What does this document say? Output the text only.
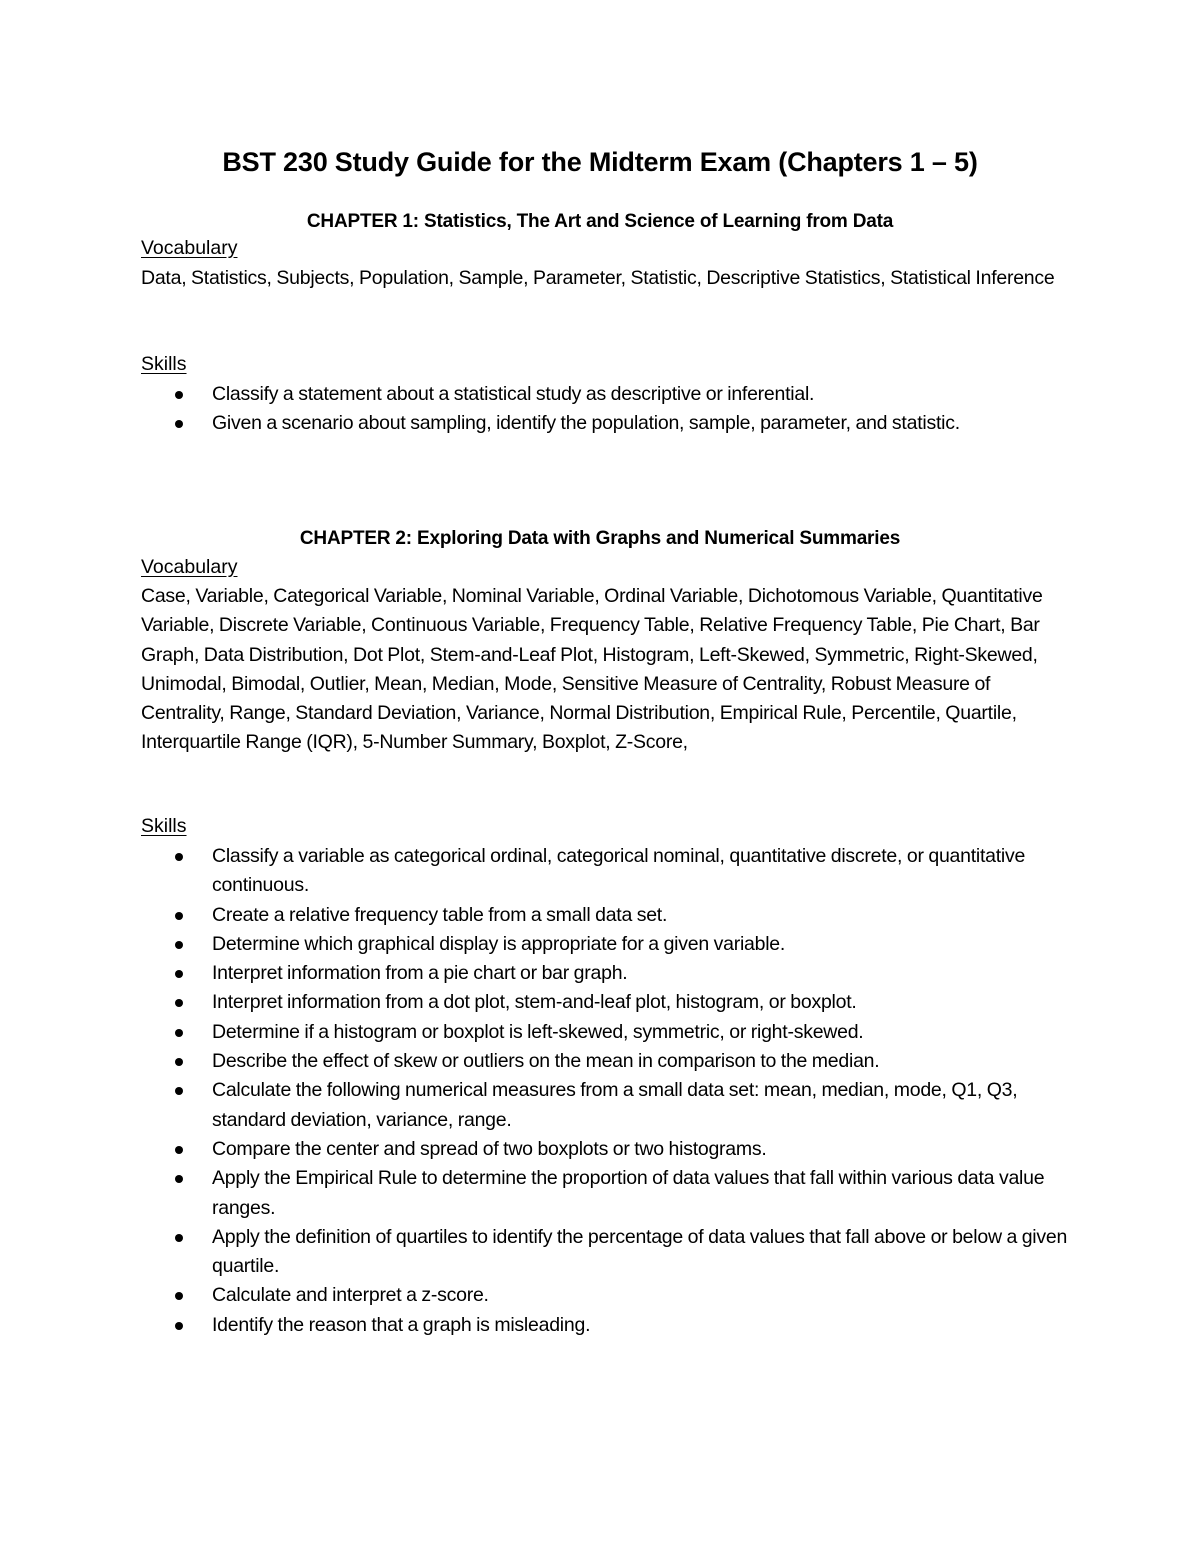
BST 230 Study Guide for the Midterm Exam (Chapters 1 – 5)
CHAPTER 1: Statistics, The Art and Science of Learning from Data
Vocabulary
Data, Statistics, Subjects, Population, Sample, Parameter, Statistic, Descriptive Statistics, Statistical Inference
Skills
Classify a statement about a statistical study as descriptive or inferential.
Given a scenario about sampling, identify the population, sample, parameter, and statistic.
CHAPTER 2: Exploring Data with Graphs and Numerical Summaries
Vocabulary
Case, Variable, Categorical Variable, Nominal Variable, Ordinal Variable, Dichotomous Variable, Quantitative Variable, Discrete Variable, Continuous Variable, Frequency Table, Relative Frequency Table, Pie Chart, Bar Graph, Data Distribution, Dot Plot, Stem-and-Leaf Plot, Histogram, Left-Skewed, Symmetric, Right-Skewed, Unimodal, Bimodal, Outlier, Mean, Median, Mode, Sensitive Measure of Centrality, Robust Measure of Centrality, Range, Standard Deviation, Variance, Normal Distribution, Empirical Rule, Percentile, Quartile, Interquartile Range (IQR), 5-Number Summary, Boxplot, Z-Score,
Skills
Classify a variable as categorical ordinal, categorical nominal, quantitative discrete, or quantitative continuous.
Create a relative frequency table from a small data set.
Determine which graphical display is appropriate for a given variable.
Interpret information from a pie chart or bar graph.
Interpret information from a dot plot, stem-and-leaf plot, histogram, or boxplot.
Determine if a histogram or boxplot is left-skewed, symmetric, or right-skewed.
Describe the effect of skew or outliers on the mean in comparison to the median.
Calculate the following numerical measures from a small data set: mean, median, mode, Q1, Q3, standard deviation, variance, range.
Compare the center and spread of two boxplots or two histograms.
Apply the Empirical Rule to determine the proportion of data values that fall within various data value ranges.
Apply the definition of quartiles to identify the percentage of data values that fall above or below a given quartile.
Calculate and interpret a z-score.
Identify the reason that a graph is misleading.
